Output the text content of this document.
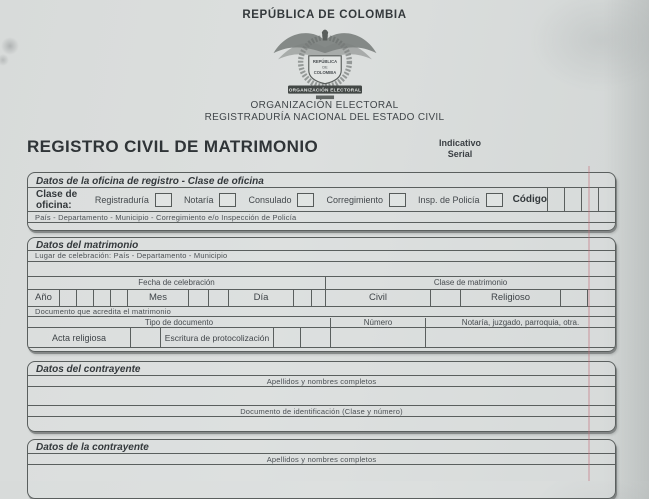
REPÚBLICA DE COLOMBIA
REPÚBLICA
DE
COLOMBIA
ORGANIZACIÓN ELECTORAL
ORGANIZACIÓN ELECTORAL
REGISTRADURÍA NACIONAL DEL ESTADO CIVIL
REGISTRO CIVIL DE MATRIMONIO	Indicativo
Serial
Datos de la oficina de registro - Clase de oficina
Clase de oficina:	Registraduría	Notaría	Consulado	Corregimiento	Insp. de Policía	Código
País - Departamento - Municipio - Corregimiento e/o Inspección de Policía
Datos del matrimonio
Lugar de celebración: País - Departamento - Municipio
Fecha de celebración	Clase de matrimonio
Año	Mes	Día	Civil	Religioso
Documento que acredita el matrimonio
Tipo de documento	Número	Notaría, juzgado, parroquia, otra.
Acta religiosa	Escritura de protocolización
Datos del contrayente
Apellidos y nombres completos
Documento de identificación (Clase y número)
Datos de la contrayente
Apellidos y nombres completos
